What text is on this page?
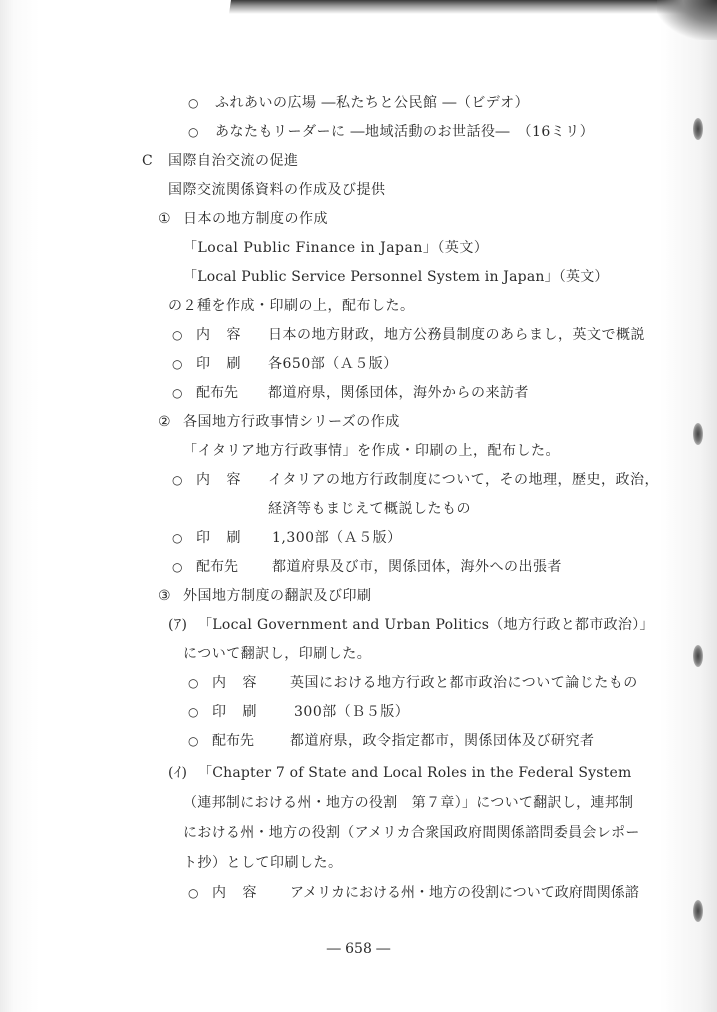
○ ふれあいの広場 ―私たちと公民館 ―（ビデオ）
○ あなたもリーダーに ―地域活動のお世話役―　（16ミリ）
C 国際自治交流の促進
国際交流関係資料の作成及び提供
① 日本の地方制度の作成
「Local Public Finance in Japan」（英文）
「Local Public Service Personnel System in Japan」（英文）
の２種を作成・印刷の上，配布した。
○ 内 容 日本の地方財政，地方公務員制度のあらまし，英文で概説
○ 印 刷 各650部（Ａ５版）
○ 配布先 都道府県，関係団体，海外からの来訪者
② 各国地方行政事情シリーズの作成
「イタリア地方行政事情」を作成・印刷の上，配布した。
○ 内 容 イタリアの地方行政制度について，その地理，歴史，政治，
経済等もまじえて概説したもの
○ 印 刷 1,300部（Ａ５版）
○ 配布先 都道府県及び市，関係団体，海外への出張者
③ 外国地方制度の翻訳及び印刷
(ｱ) 「Local Government and Urban Politics（地方行政と都市政治）」
について翻訳し，印刷した。
○ 内 容 英国における地方行政と都市政治について論じたもの
○ 印 刷 300部（Ｂ５版）
○ 配布先	都道府県，政令指定都市，関係団体及び研究者
(ｲ) 「Chapter 7 of State and Local Roles in the Federal System
（連邦制における州・地方の役割　第７章）」について翻訳し，連邦制
における州・地方の役割（アメリカ合衆国政府間関係諮問委員会レポー
ト抄）として印刷した。
○ 内 容 アメリカにおける州・地方の役割について政府間関係諮
― 658 ―
